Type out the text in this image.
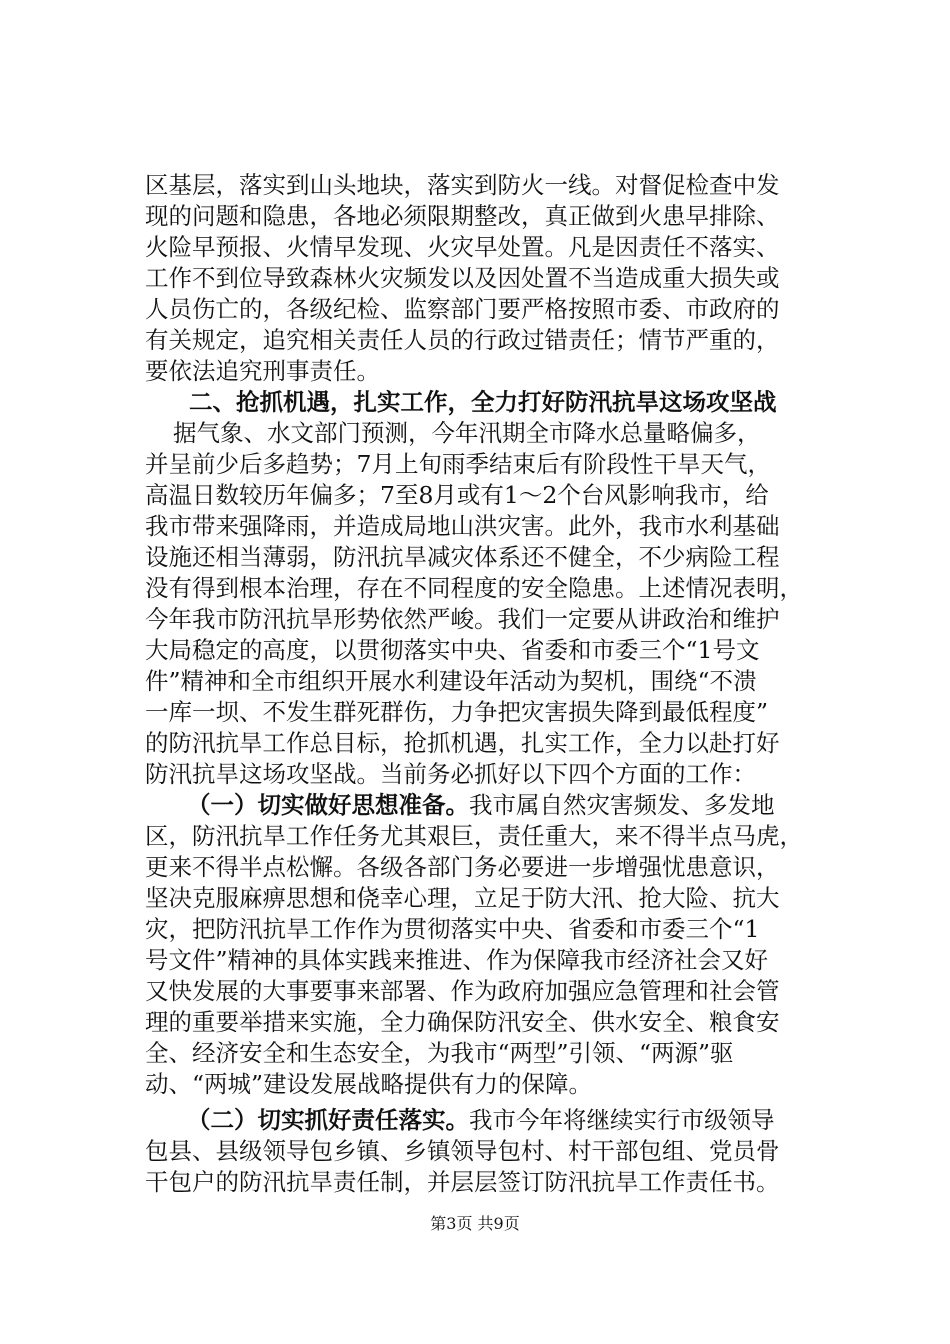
区基层，落实到山头地块，落实到防火一线。对督促检查中发
现的问题和隐患，各地必须限期整改，真正做到火患早排除、
火险早预报、火情早发现、火灾早处置。凡是因责任不落实、
工作不到位导致森林火灾频发以及因处置不当造成重大损失或
人员伤亡的，各级纪检、监察部门要严格按照市委、市政府的
有关规定，追究相关责任人员的行政过错责任；情节严重的，
要依法追究刑事责任。
二、抢抓机遇，扎实工作，全力打好防汛抗旱这场攻坚战
据气象、水文部门预测，今年汛期全市降水总量略偏多，
并呈前少后多趋势；7月上旬雨季结束后有阶段性干旱天气，
高温日数较历年偏多；7至8月或有1～2个台风影响我市，给
我市带来强降雨，并造成局地山洪灾害。此外，我市水利基础
设施还相当薄弱，防汛抗旱减灾体系还不健全，不少病险工程
没有得到根本治理，存在不同程度的安全隐患。上述情况表明，
今年我市防汛抗旱形势依然严峻。我们一定要从讲政治和维护
大局稳定的高度，以贯彻落实中央、省委和市委三个“1号文
件”精神和全市组织开展水利建设年活动为契机，围绕“不溃
一库一坝、不发生群死群伤，力争把灾害损失降到最低程度”
的防汛抗旱工作总目标，抢抓机遇，扎实工作，全力以赴打好
防汛抗旱这场攻坚战。当前务必抓好以下四个方面的工作：
（一）切实做好思想准备。我市属自然灾害频发、多发地
区，防汛抗旱工作任务尤其艰巨，责任重大，来不得半点马虎，
更来不得半点松懈。各级各部门务必要进一步增强忧患意识，
坚决克服麻痹思想和侥幸心理，立足于防大汛、抢大险、抗大
灾，把防汛抗旱工作作为贯彻落实中央、省委和市委三个“1
号文件”精神的具体实践来推进、作为保障我市经济社会又好
又快发展的大事要事来部署、作为政府加强应急管理和社会管
理的重要举措来实施，全力确保防汛安全、供水安全、粮食安
全、经济安全和生态安全，为我市“两型”引领、“两源”驱
动、“两城”建设发展战略提供有力的保障。
（二）切实抓好责任落实。我市今年将继续实行市级领导
包县、县级领导包乡镇、乡镇领导包村、村干部包组、党员骨
干包户的防汛抗旱责任制，并层层签订防汛抗旱工作责任书。
第3页 共9页
